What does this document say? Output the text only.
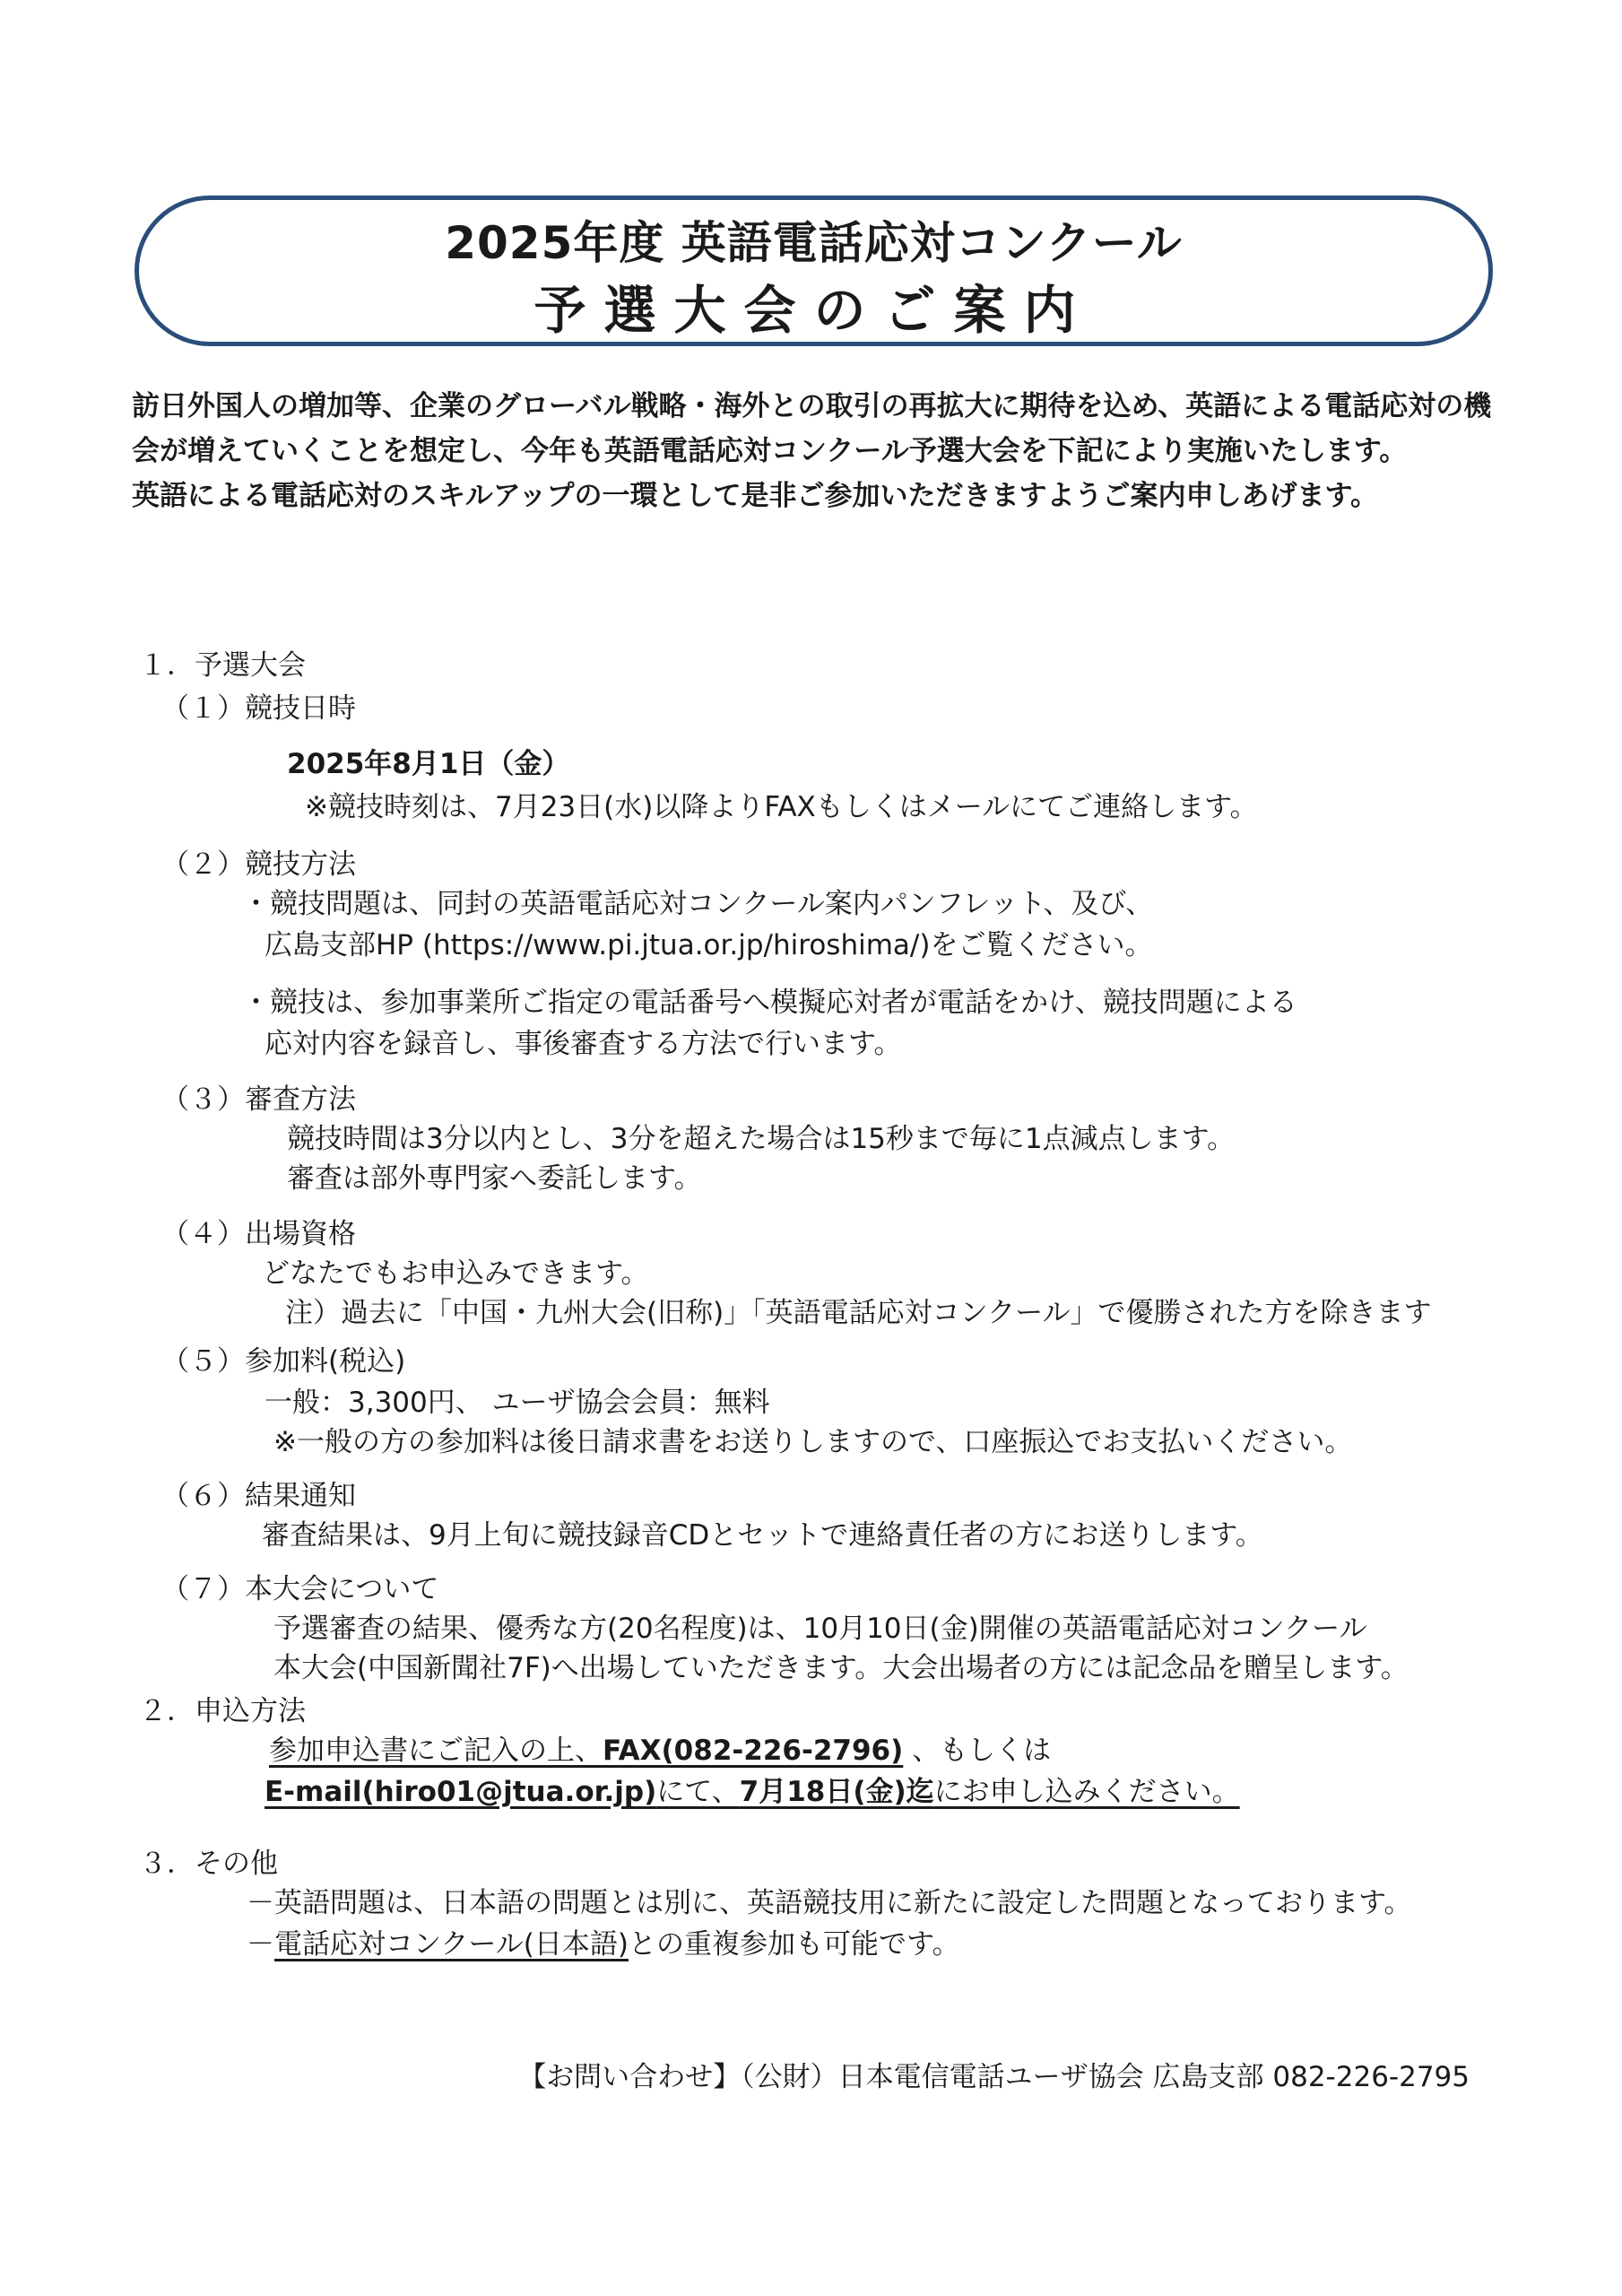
2025年度 英語電話応対コンクール
予選大会のご案内

訪日外国人の増加等、企業のグローバル戦略・海外との取引の再拡大に期待を込め、英語による電話応対の機会が増えていくことを想定し、今年も英語電話応対コンクール予選大会を下記により実施いたします。

英語による電話応対のスキルアップの一環として是非ご参加いただきますようご案内申しあげます。

１．予選大会
（１）競技日時
2025年8月1日（金）
※競技時刻は、7月23日(水)以降よりFAXもしくはメールにてご連絡します。
（２）競技方法
・競技問題は、同封の英語電話応対コンクール案内パンフレット、及び、
広島支部HP (https://www.pi.jtua.or.jp/hiroshima/)をご覧ください。
・競技は、参加事業所ご指定の電話番号へ模擬応対者が電話をかけ、競技問題による
応対内容を録音し、事後審査する方法で行います。
（３）審査方法
競技時間は3分以内とし、3分を超えた場合は15秒まで毎に1点減点します。
審査は部外専門家へ委託します。
（４）出場資格
どなたでもお申込みできます。
注）過去に「中国・九州大会(旧称)」「英語電話応対コンクール」で優勝された方を除きます
（５）参加料(税込)
一般：3,300円、 ユーザ協会会員：無料
※一般の方の参加料は後日請求書をお送りしますので、口座振込でお支払いください。
（６）結果通知
審査結果は、9月上旬に競技録音CDとセットで連絡責任者の方にお送りします。
（７）本大会について
予選審査の結果、優秀な方(20名程度)は、10月10日(金)開催の英語電話応対コンクール
本大会(中国新聞社7F)へ出場していただきます。大会出場者の方には記念品を贈呈します。
２．申込方法
参加申込書にご記入の上、FAX(082-226-2796) 、もしくは
E-mail(hiro01@jtua.or.jp)にて、7月18日(金)迄にお申し込みください。
３．その他
－英語問題は、日本語の問題とは別に、英語競技用に新たに設定した問題となっております。
－電話応対コンクール(日本語)との重複参加も可能です。
【お問い合わせ】（公財）日本電信電話ユーザ協会 広島支部 082-226-2795
